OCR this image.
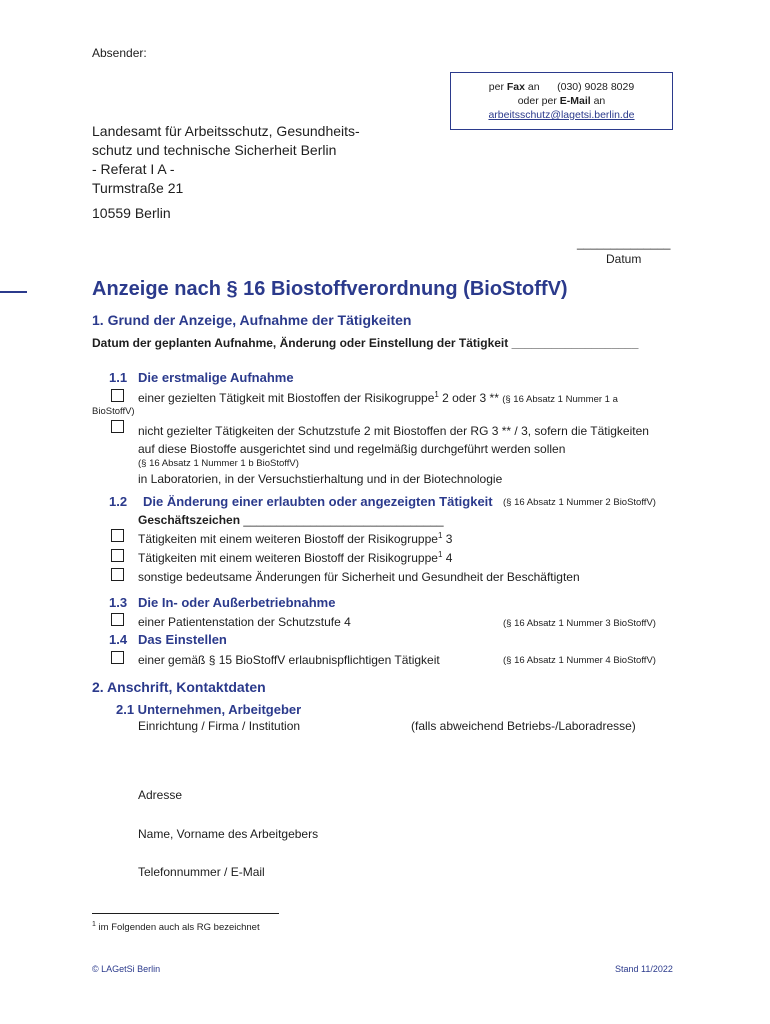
Absender:
per Fax an (030) 9028 8029
oder per E-Mail an
arbeitsschutz@lagetsi.berlin.de
Landesamt für Arbeitsschutz, Gesundheits-
schutz und technische Sicherheit Berlin
- Referat I A -
Turmstraße 21
10559 Berlin
______________
Datum
Anzeige nach § 16 Biostoffverordnung (BioStoffV)
1. Grund der Anzeige, Aufnahme der Tätigkeiten
Datum der geplanten Aufnahme, Änderung oder Einstellung der Tätigkeit ___________________
1.1 Die erstmalige Aufnahme
einer gezielten Tätigkeit mit Biostoffen der Risikogruppe$^1$ 2 oder 3 ** (§ 16 Absatz 1 Nummer 1 a
BioStoffV)
nicht gezielter Tätigkeiten der Schutzstufe 2 mit Biostoffen der RG 3 ** / 3, sofern die Tätigkeiten
auf diese Biostoffe ausgerichtet sind und regelmäßig durchgeführt werden sollen
(§ 16 Absatz 1 Nummer 1 b BioStoffV)
in Laboratorien, in der Versuchstierhaltung und in der Biotechnologie
1.2 Die Änderung einer erlaubten oder angezeigten Tätigkeit (§ 16 Absatz 1 Nummer 2 BioStoffV)
Geschäftszeichen ______________________________
Tätigkeiten mit einem weiteren Biostoff der Risikogruppe$^1$ 3
Tätigkeiten mit einem weiteren Biostoff der Risikogruppe$^1$ 4
sonstige bedeutsame Änderungen für Sicherheit und Gesundheit der Beschäftigten
1.3 Die In- oder Außerbetriebnahme
einer Patientenstation der Schutzstufe 4	(§ 16 Absatz 1 Nummer 3 BioStoffV)
1.4 Das Einstellen
einer gemäß § 15 BioStoffV erlaubnispflichtigen Tätigkeit	(§ 16 Absatz 1 Nummer 4 BioStoffV)
2. Anschrift, Kontaktdaten
2.1 Unternehmen, Arbeitgeber
Einrichtung / Firma / Institution	(falls abweichend Betriebs-/Laboradresse)
Adresse
Name, Vorname des Arbeitgebers
Telefonnummer / E-Mail
$^1$ im Folgenden auch als RG bezeichnet
© LAGetSi Berlin	Stand 11/2022
